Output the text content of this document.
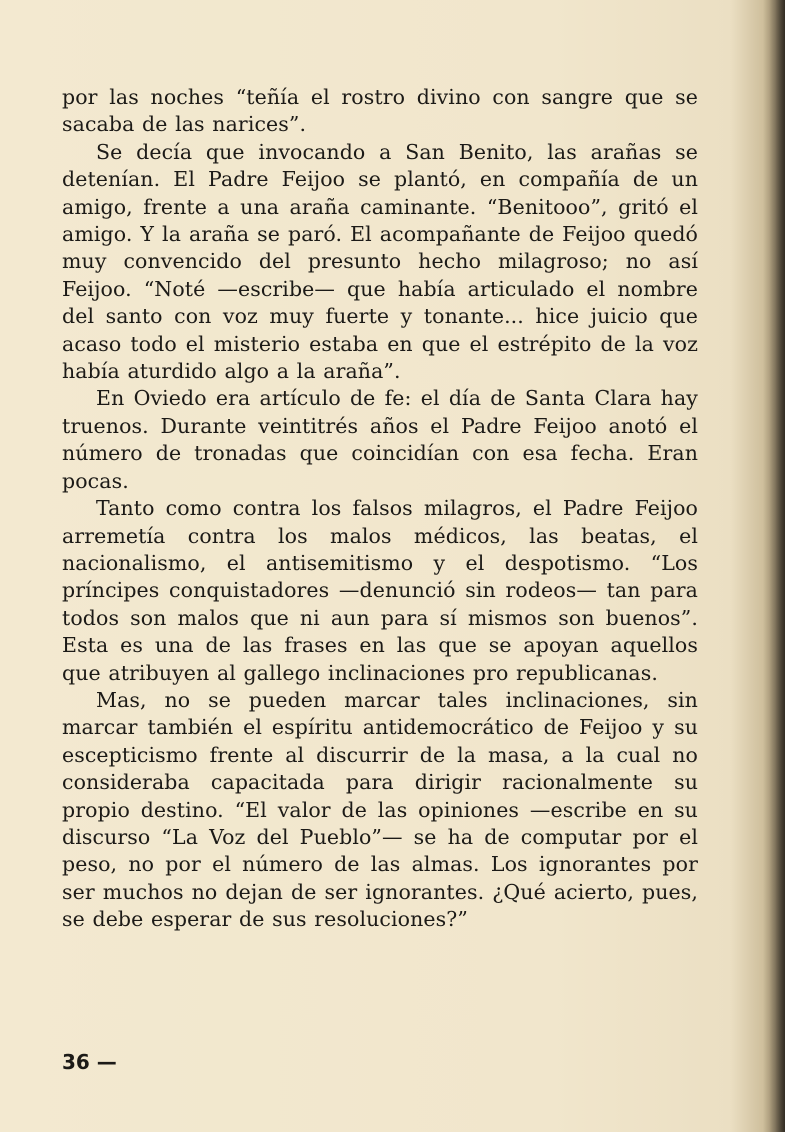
por las noches “teñía el rostro divino con sangre que se sacaba de las narices”.

Se decía que invocando a San Benito, las arañas se detenían. El Padre Feijoo se plantó, en compañía de un amigo, frente a una araña caminante. “Benitooo”, gritó el amigo. Y la araña se paró. El acompañante de Feijoo quedó muy convencido del presunto hecho milagroso; no así Feijoo. “Noté —escribe— que había articulado el nombre del santo con voz muy fuerte y tonante... hice juicio que acaso todo el misterio estaba en que el estrépito de la voz había aturdido algo a la araña”.

En Oviedo era artículo de fe: el día de Santa Clara hay truenos. Durante veintitrés años el Padre Feijoo anotó el número de tronadas que coincidían con esa fecha. Eran pocas.

Tanto como contra los falsos milagros, el Padre Feijoo arremetía contra los malos médicos, las beatas, el nacionalismo, el antisemitismo y el despotismo. “Los príncipes conquistadores —denunció sin rodeos— tan para todos son malos que ni aun para sí mismos son buenos”. Esta es una de las frases en las que se apoyan aquellos que atribuyen al gallego inclinaciones pro republicanas.

Mas, no se pueden marcar tales inclinaciones, sin marcar también el espíritu antidemocrático de Feijoo y su escepticismo frente al discurrir de la masa, a la cual no consideraba capacitada para dirigir racionalmente su propio destino. “El valor de las opiniones —escribe en su discurso “La Voz del Pueblo”— se ha de computar por el peso, no por el número de las almas. Los ignorantes por ser muchos no dejan de ser ignorantes. ¿Qué acierto, pues, se debe esperar de sus resoluciones?”

36 —
